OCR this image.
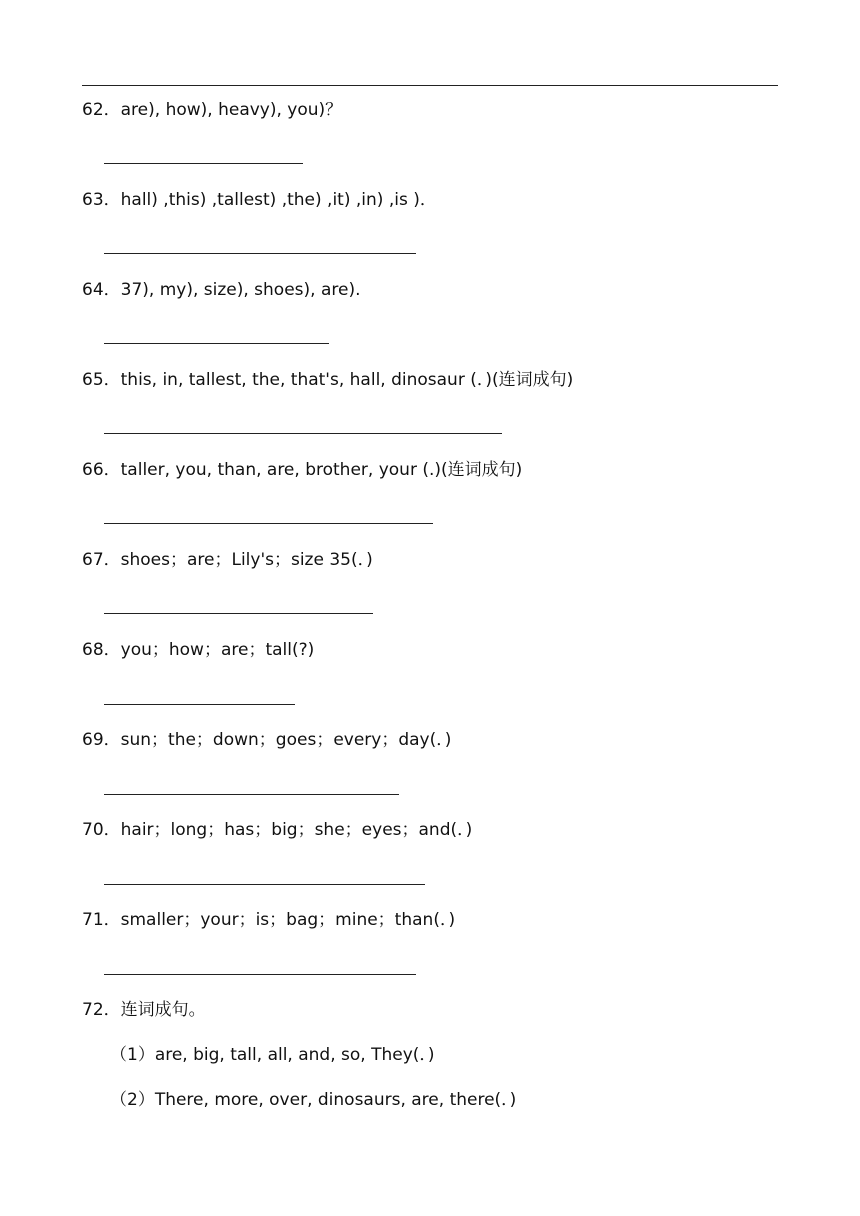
62．are), how), heavy), you)？
63．hall) ,this) ,tallest) ,the) ,it) ,in) ,is )．
64．37), my), size), shoes), are).
65．this, in, tallest, the, that's, hall, dinosaur (．)(连词成句)
66．taller, you, than, are, brother, your (.)(连词成句)
67．shoes；are；Lily's；size 35(．)
68．you；how；are；tall(?)
69．sun；the；down；goes；every；day(．)
70．hair；long；has；big；she；eyes；and(．)
71．smaller；your；is；bag；mine；than(．)
72．连词成句。
（1）are, big, tall, all, and, so, They(．)
（2）There, more, over, dinosaurs, are, there(．)
